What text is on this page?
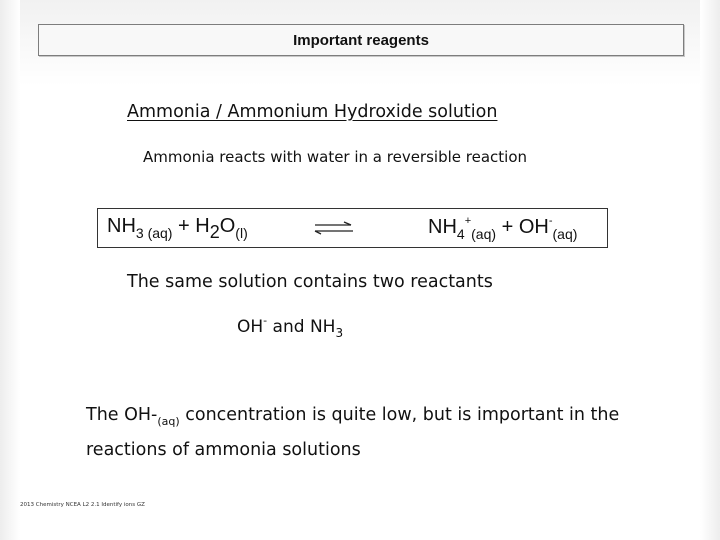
Important reagents
Ammonia / Ammonium Hydroxide solution
Ammonia reacts with water in a reversible reaction
$NH_{3 (aq)} + H_2O_{(l)}$	$NH_4^+_{(aq)} + OH^-_{(aq)}$
The same solution contains two reactants
OH- and $NH_3$
The $OH-_{(aq)}$ concentration is quite low, but is important in the reactions of ammonia solutions
2013 Chemistry NCEA L2 2.1 Identify ions GZ
